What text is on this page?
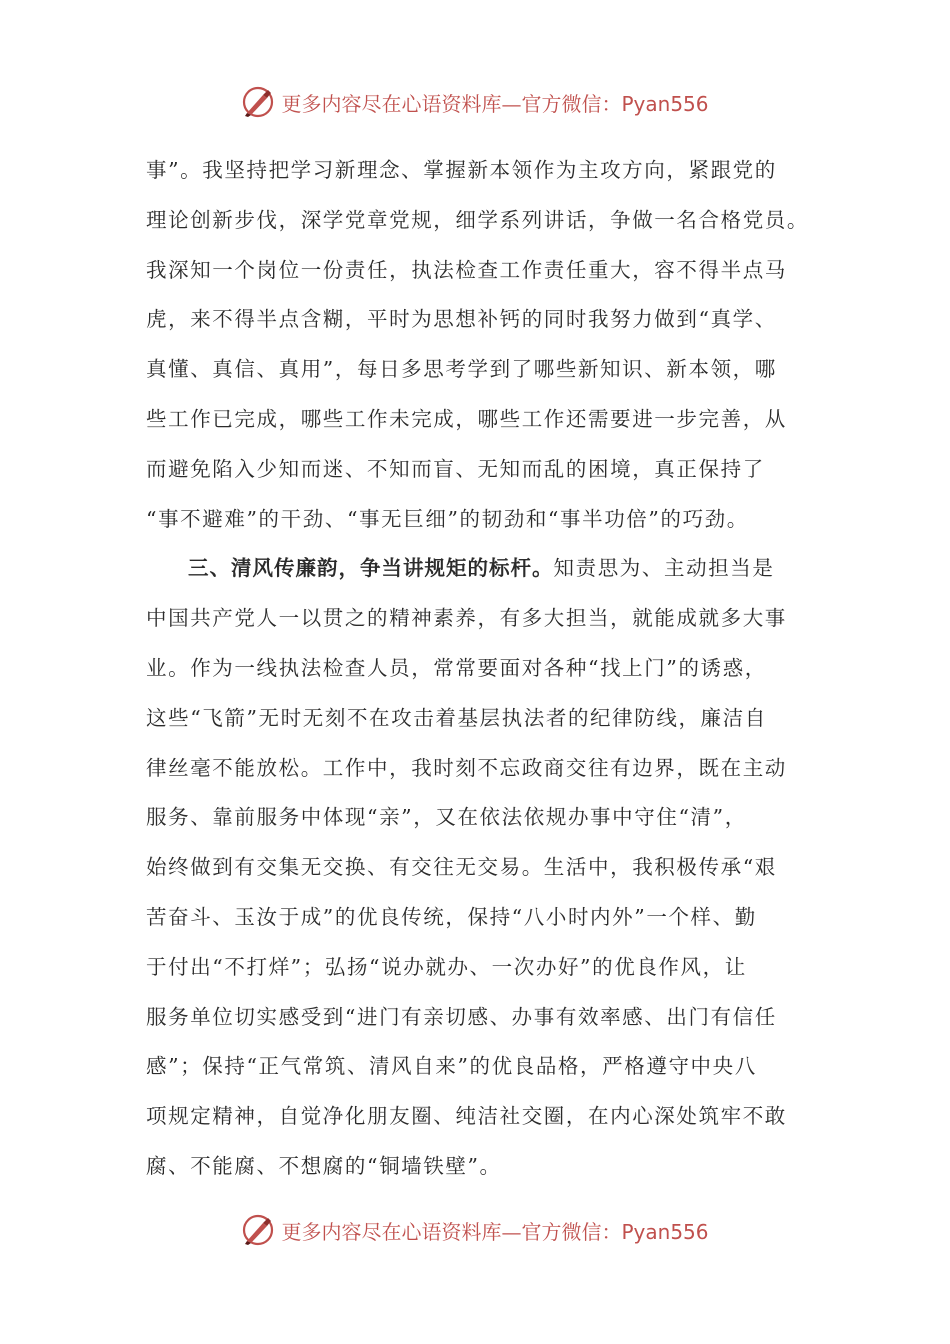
更多内容尽在心语资料库—官方微信：Pyan556
事”。我坚持把学习新理念、掌握新本领作为主攻方向，紧跟党的
理论创新步伐，深学党章党规，细学系列讲话，争做一名合格党员。
我深知一个岗位一份责任，执法检查工作责任重大，容不得半点马
虎，来不得半点含糊，平时为思想补钙的同时我努力做到“真学、
真懂、真信、真用”，每日多思考学到了哪些新知识、新本领，哪
些工作已完成，哪些工作未完成，哪些工作还需要进一步完善，从
而避免陷入少知而迷、不知而盲、无知而乱的困境，真正保持了
“事不避难”的干劲、“事无巨细”的韧劲和“事半功倍”的巧劲。
三、清风传廉韵，争当讲规矩的标杆。知责思为、主动担当是
中国共产党人一以贯之的精神素养，有多大担当，就能成就多大事
业。作为一线执法检查人员，常常要面对各种“找上门”的诱惑，
这些“飞箭”无时无刻不在攻击着基层执法者的纪律防线，廉洁自
律丝毫不能放松。工作中，我时刻不忘政商交往有边界，既在主动
服务、靠前服务中体现“亲”，又在依法依规办事中守住“清”，
始终做到有交集无交换、有交往无交易。生活中，我积极传承“艰
苦奋斗、玉汝于成”的优良传统，保持“八小时内外”一个样、勤
于付出“不打烊”；弘扬“说办就办、一次办好”的优良作风，让
服务单位切实感受到“进门有亲切感、办事有效率感、出门有信任
感”；保持“正气常筑、清风自来”的优良品格，严格遵守中央八
项规定精神，自觉净化朋友圈、纯洁社交圈，在内心深处筑牢不敢
腐、不能腐、不想腐的“铜墙铁壁”。
更多内容尽在心语资料库—官方微信：Pyan556
